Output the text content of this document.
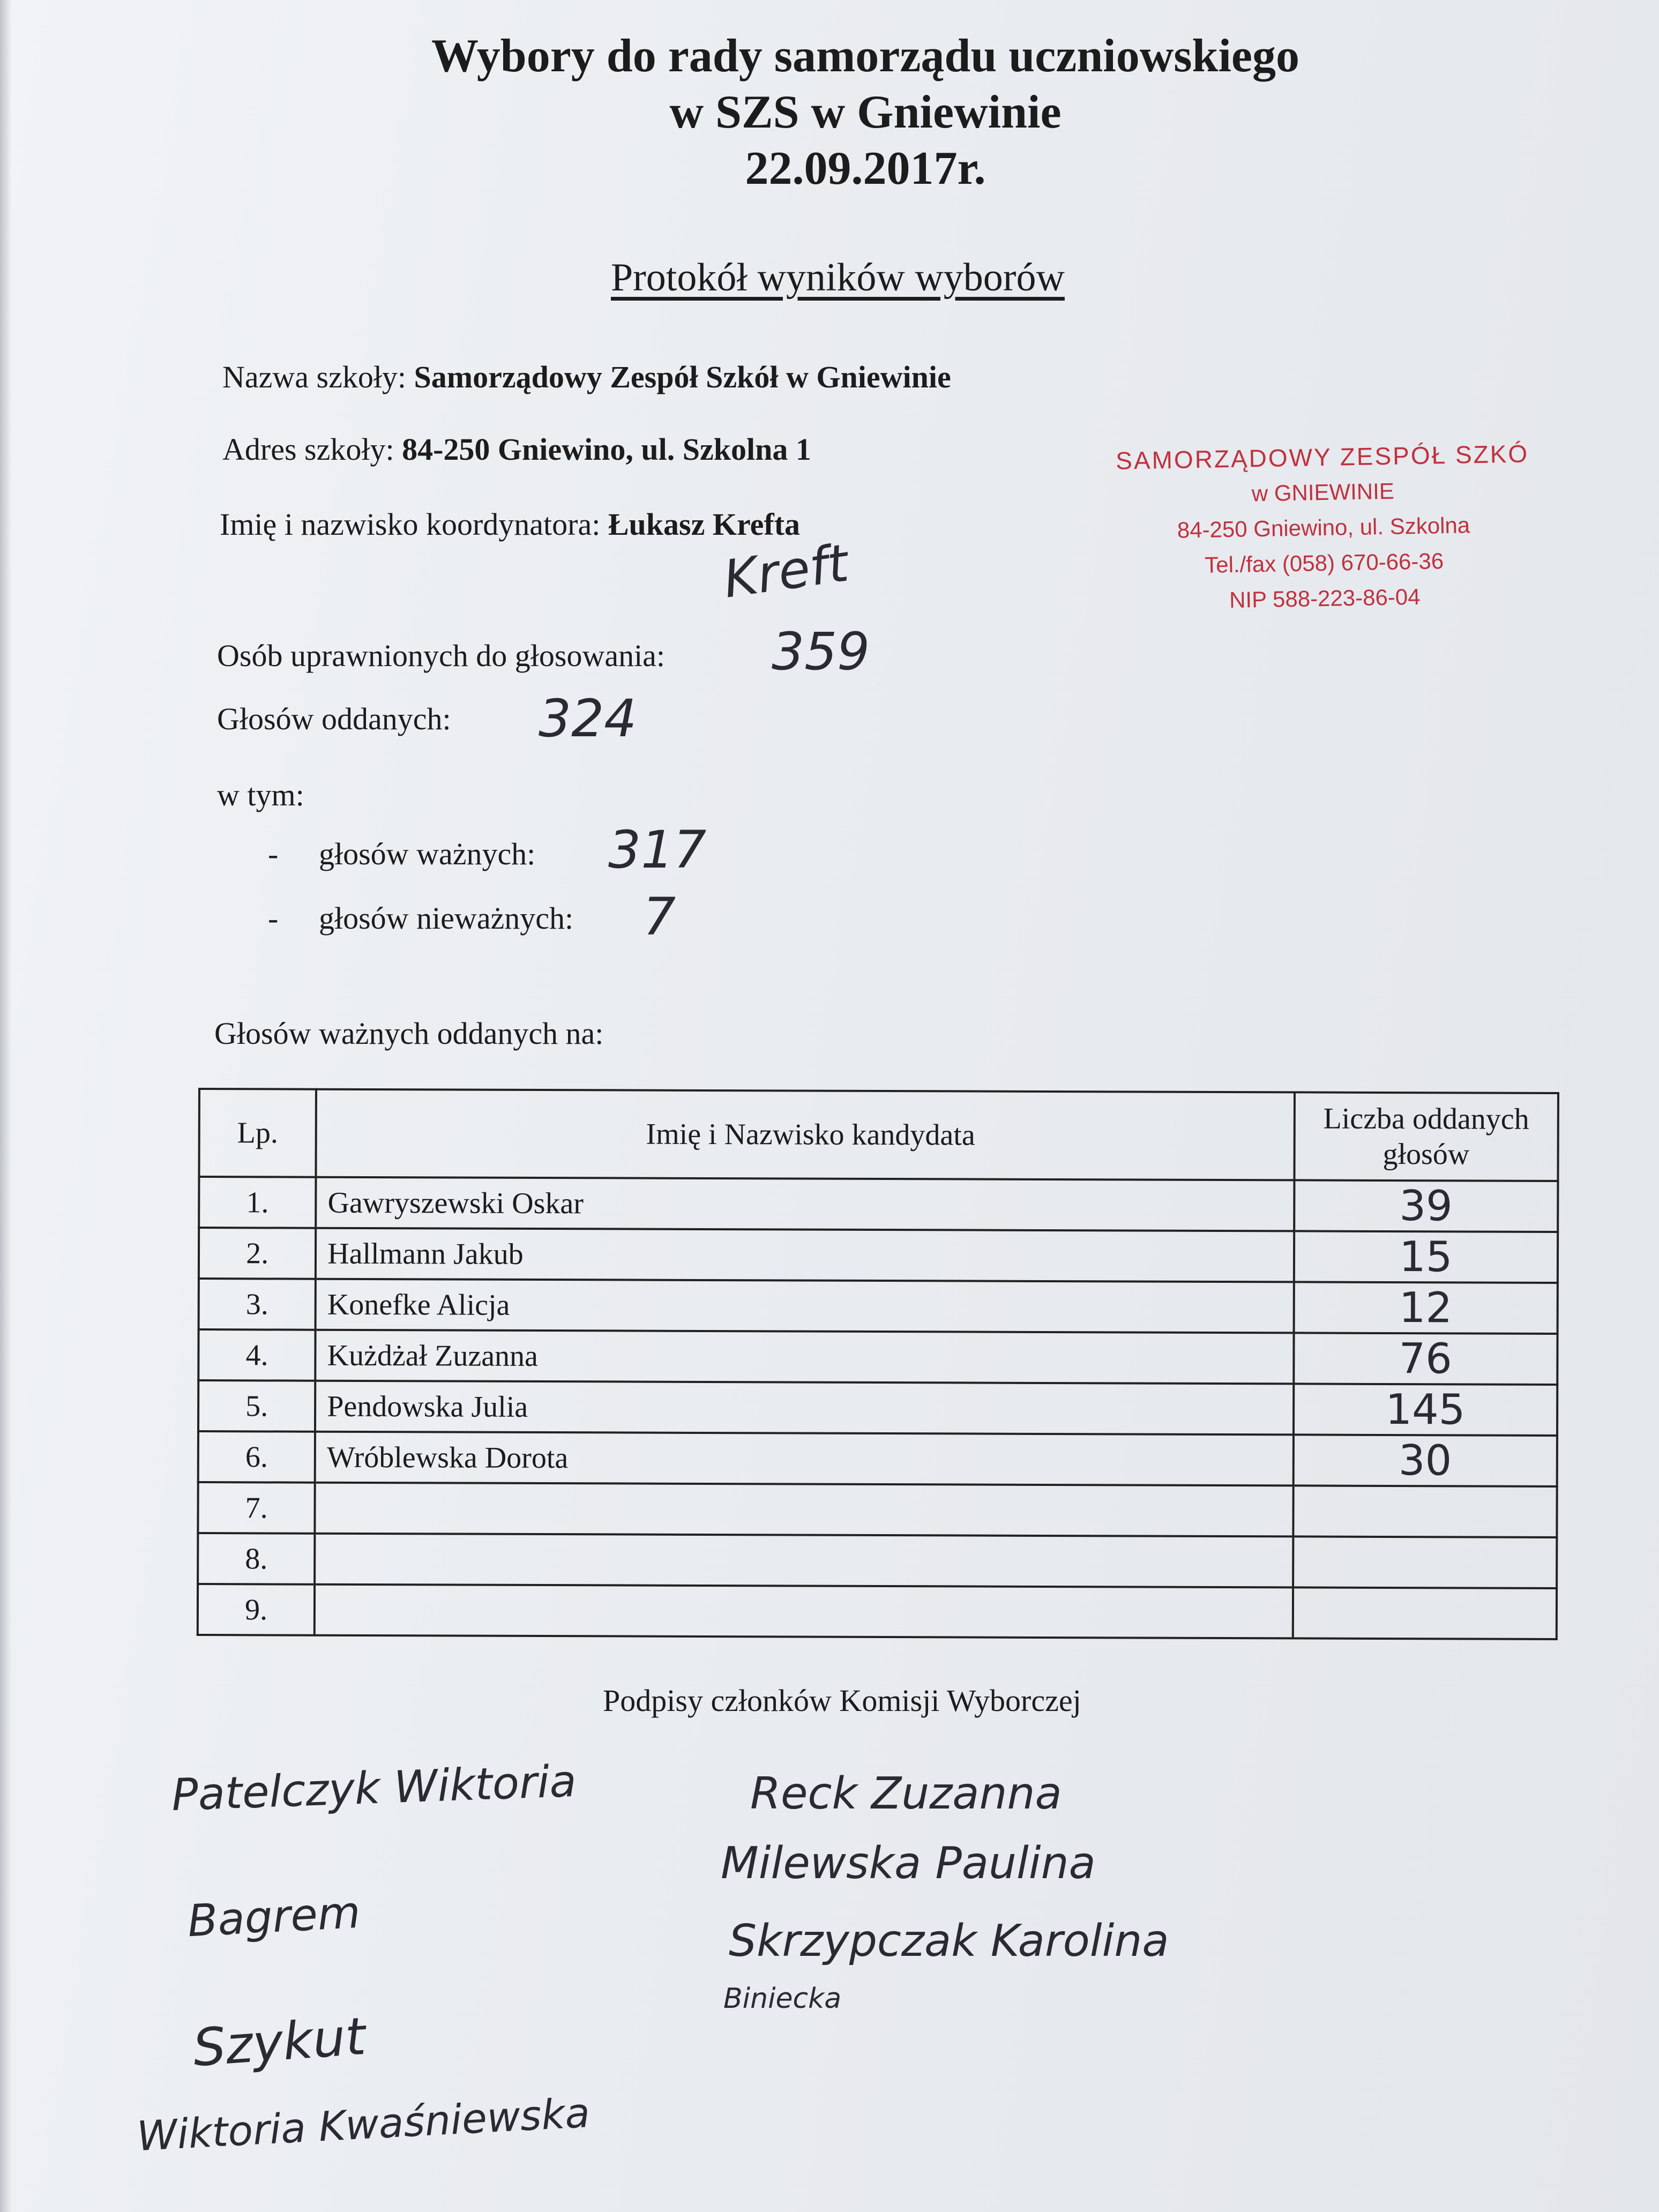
Wybory do rady samorządu uczniowskiego
w SZS w Gniewinie
22.09.2017r.
Protokół wyników wyborów
Nazwa szkoły: Samorządowy Zespół Szkół w Gniewinie
Adres szkoły: 84-250 Gniewino, ul. Szkolna 1
Imię i nazwisko koordynatora: Łukasz Krefta
Kreft
SAMORZĄDOWY ZESPÓŁ SZKÓ
w GNIEWINIE
84-250 Gniewino, ul. Szkolna
Tel./fax (058) 670-66-36
NIP 588-223-86-04
Osób uprawnionych do głosowania: 359
Głosów oddanych: 324
w tym:
- głosów ważnych: 317
- głosów nieważnych: 7
Głosów ważnych oddanych na:
Lp.	Imię i Nazwisko kandydata	Liczba oddanych
głosów
1.	Gawryszewski Oskar	39
2.	Hallmann Jakub	15
3.	Konefke Alicja	12
4.	Kużdżał Zuzanna	76
5.	Pendowska Julia	145
6.	Wróblewska Dorota	30
7.		
8.		
9.		
Podpisy członków Komisji Wyborczej
Patelczyk Wiktoria
Bagrem
Szykut
Wiktoria Kwaśniewska
Reck Zuzanna
Milewska Paulina
Skrzypczak Karolina
Biniecka
